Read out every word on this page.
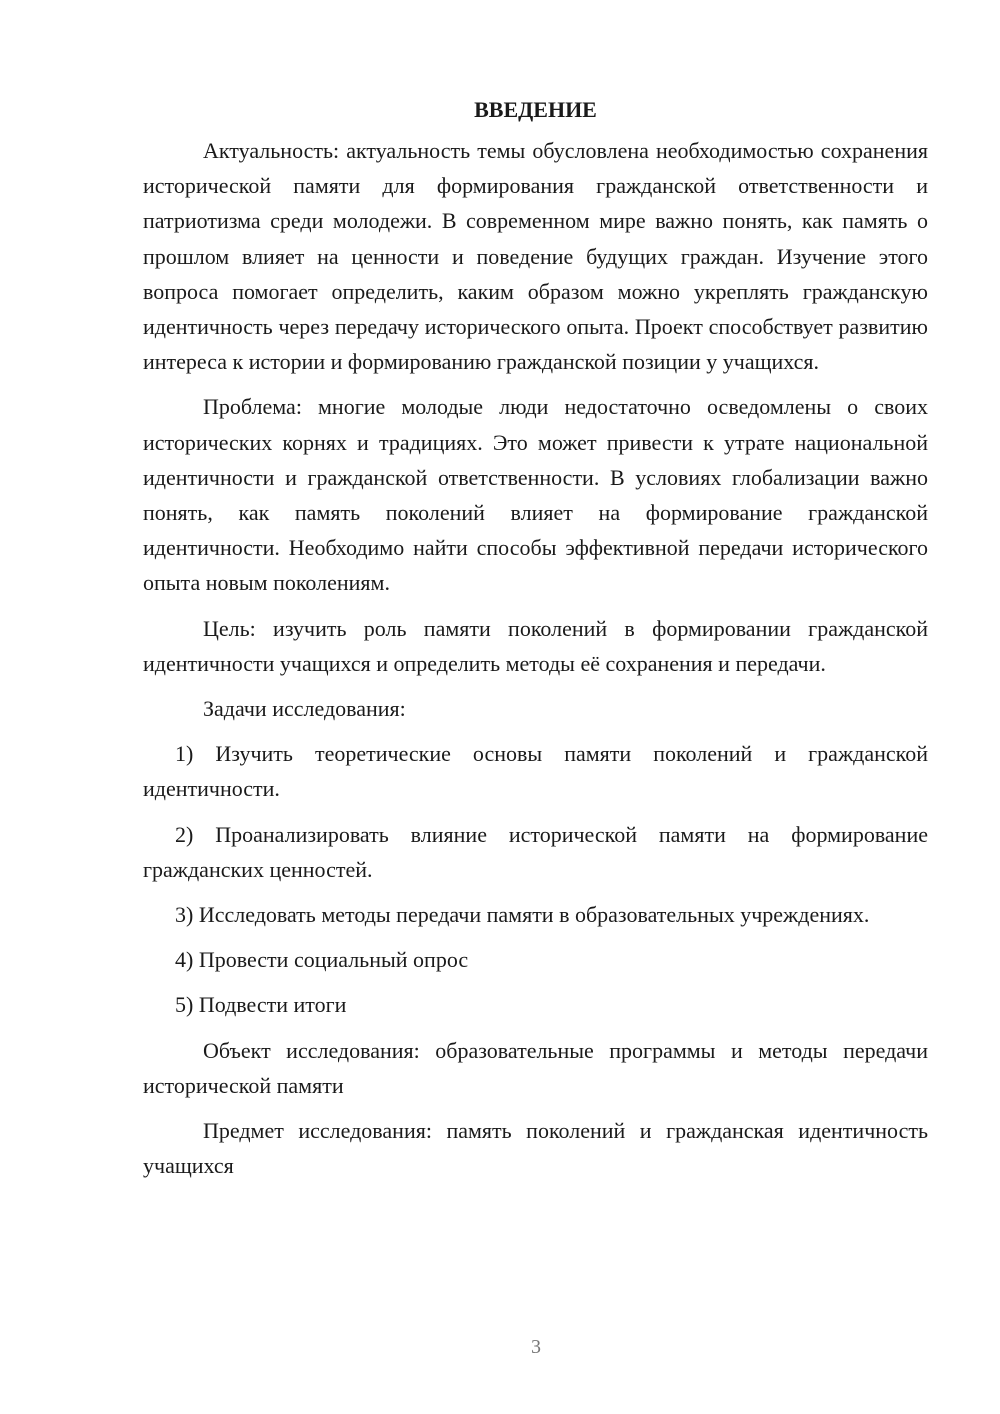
ВВЕДЕНИЕ

Актуальность: актуальность темы обусловлена необходимостью сохранения исторической памяти для формирования гражданской ответственности и патриотизма среди молодежи. В современном мире важно понять, как память о прошлом влияет на ценности и поведение будущих граждан. Изучение этого вопроса помогает определить, каким образом можно укреплять гражданскую идентичность через передачу исторического опыта. Проект способствует развитию интереса к истории и формированию гражданской позиции у учащихся.

Проблема: многие молодые люди недостаточно осведомлены о своих исторических корнях и традициях. Это может привести к утрате национальной идентичности и гражданской ответственности. В условиях глобализации важно понять, как память поколений влияет на формирование гражданской идентичности. Необходимо найти способы эффективной передачи исторического опыта новым поколениям.

Цель: изучить роль памяти поколений в формировании гражданской идентичности учащихся и определить методы её сохранения и передачи.

Задачи исследования:

1) Изучить теоретические основы памяти поколений и гражданской идентичности.

2) Проанализировать влияние исторической памяти на формирование гражданских ценностей.

3) Исследовать методы передачи памяти в образовательных учреждениях.

4) Провести социальный опрос

5) Подвести итоги

Объект исследования: образовательные программы и методы передачи исторической памяти

Предмет исследования: память поколений и гражданская идентичность учащихся

3
